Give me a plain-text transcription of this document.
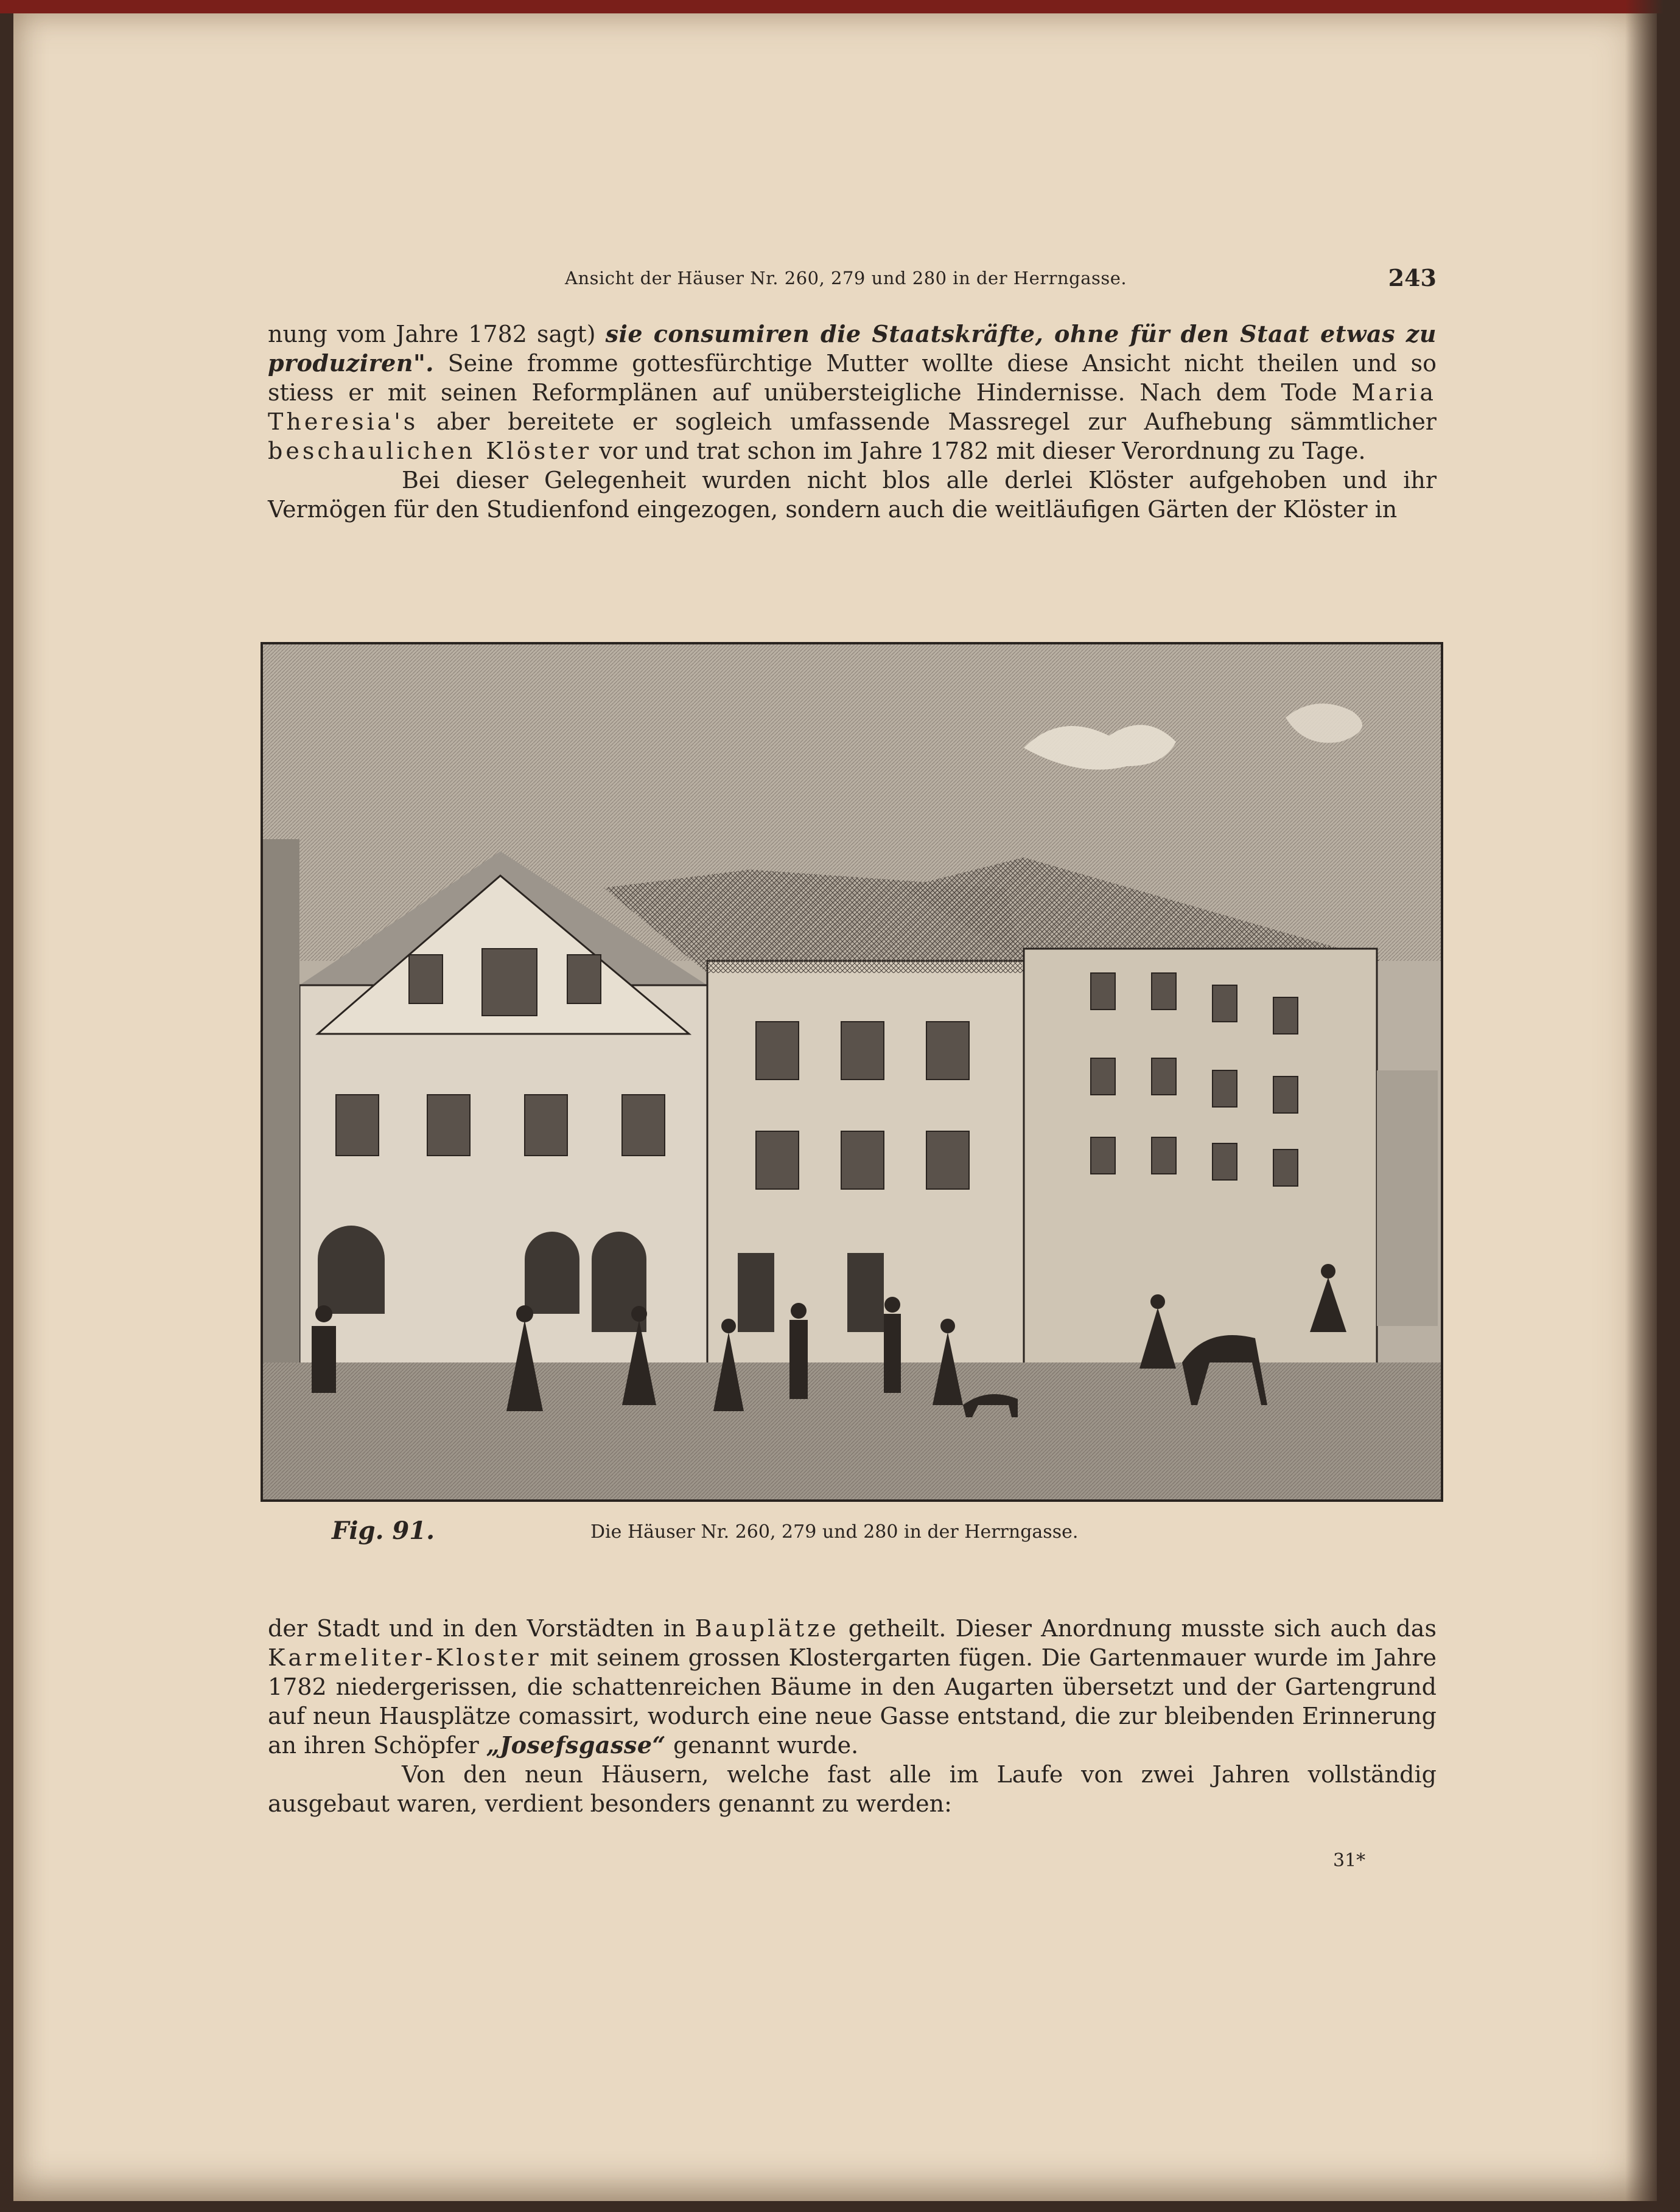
Ansicht der Häuser Nr. 260, 279 und 280 in der Herrngasse.	243

nung vom Jahre 1782 sagt) sie consumiren die Staatskräfte, ohne für den Staat etwas zu produziren". Seine fromme gottesfürchtige Mutter wollte diese Ansicht nicht theilen und so stiess er mit seinen Reformplänen auf unübersteigliche Hindernisse. Nach dem Tode Maria Theresia's aber bereitete er sogleich umfassende Massregel zur Aufhebung sämmtlicher beschaulichen Klöster vor und trat schon im Jahre 1782 mit dieser Verordnung zu Tage.

Bei dieser Gelegenheit wurden nicht blos alle derlei Klöster aufgehoben und ihr Vermögen für den Studienfond eingezogen, sondern auch die weitläufigen Gärten der Klöster in

Fig. 91.	Die Häuser Nr. 260, 279 und 280 in der Herrngasse.

der Stadt und in den Vorstädten in Bauplätze getheilt. Dieser Anordnung musste sich auch das Karmeliter-Kloster mit seinem grossen Klostergarten fügen. Die Gartenmauer wurde im Jahre 1782 niedergerissen, die schattenreichen Bäume in den Augarten übersetzt und der Gartengrund auf neun Hausplätze comassirt, wodurch eine neue Gasse entstand, die zur bleibenden Erinnerung an ihren Schöpfer „Josefsgasse“ genannt wurde.

Von den neun Häusern, welche fast alle im Laufe von zwei Jahren vollständig ausgebaut waren, verdient besonders genannt zu werden:

31*
